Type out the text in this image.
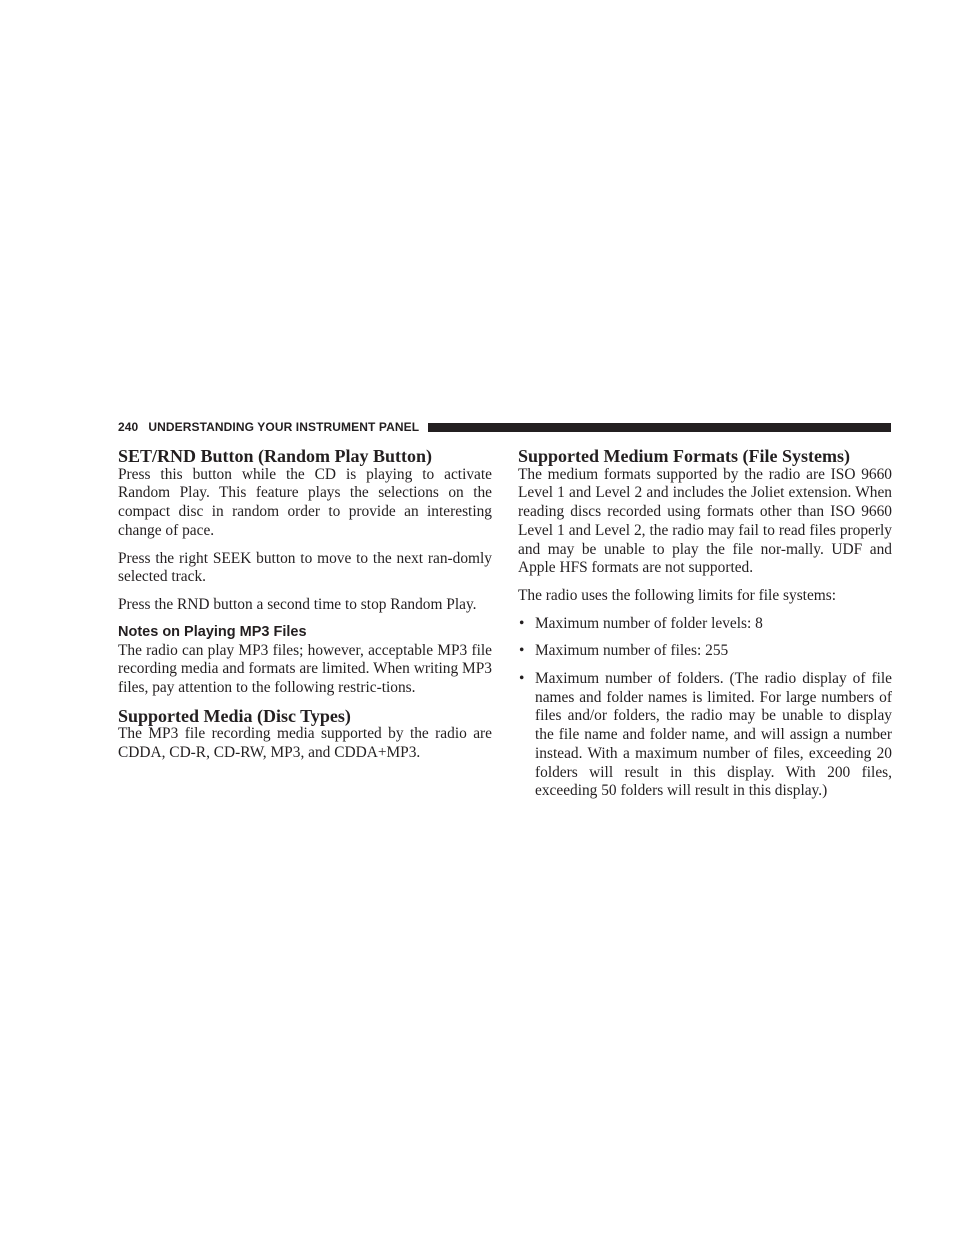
240 UNDERSTANDING YOUR INSTRUMENT PANEL
SET/RND Button (Random Play Button)

Press this button while the CD is playing to activate Random Play. This feature plays the selections on the compact disc in random order to provide an interesting change of pace.

Press the right SEEK button to move to the next ran-domly selected track.

Press the RND button a second time to stop Random Play.

Notes on Playing MP3 Files

The radio can play MP3 files; however, acceptable MP3 file recording media and formats are limited. When writing MP3 files, pay attention to the following restric-tions.

Supported Media (Disc Types)

The MP3 file recording media supported by the radio are CDDA, CD-R, CD-RW, MP3, and CDDA+MP3.

Supported Medium Formats (File Systems)

The medium formats supported by the radio are ISO 9660 Level 1 and Level 2 and includes the Joliet extension. When reading discs recorded using formats other than ISO 9660 Level 1 and Level 2, the radio may fail to read files properly and may be unable to play the file nor-mally. UDF and Apple HFS formats are not supported.

The radio uses the following limits for file systems:

• Maximum number of folder levels: 8
• Maximum number of files: 255
• Maximum number of folders. (The radio display of file names and folder names is limited. For large numbers of files and/or folders, the radio may be unable to display the file name and folder name, and will assign a number instead. With a maximum number of files, exceeding 20 folders will result in this display. With 200 files, exceeding 50 folders will result in this display.)
